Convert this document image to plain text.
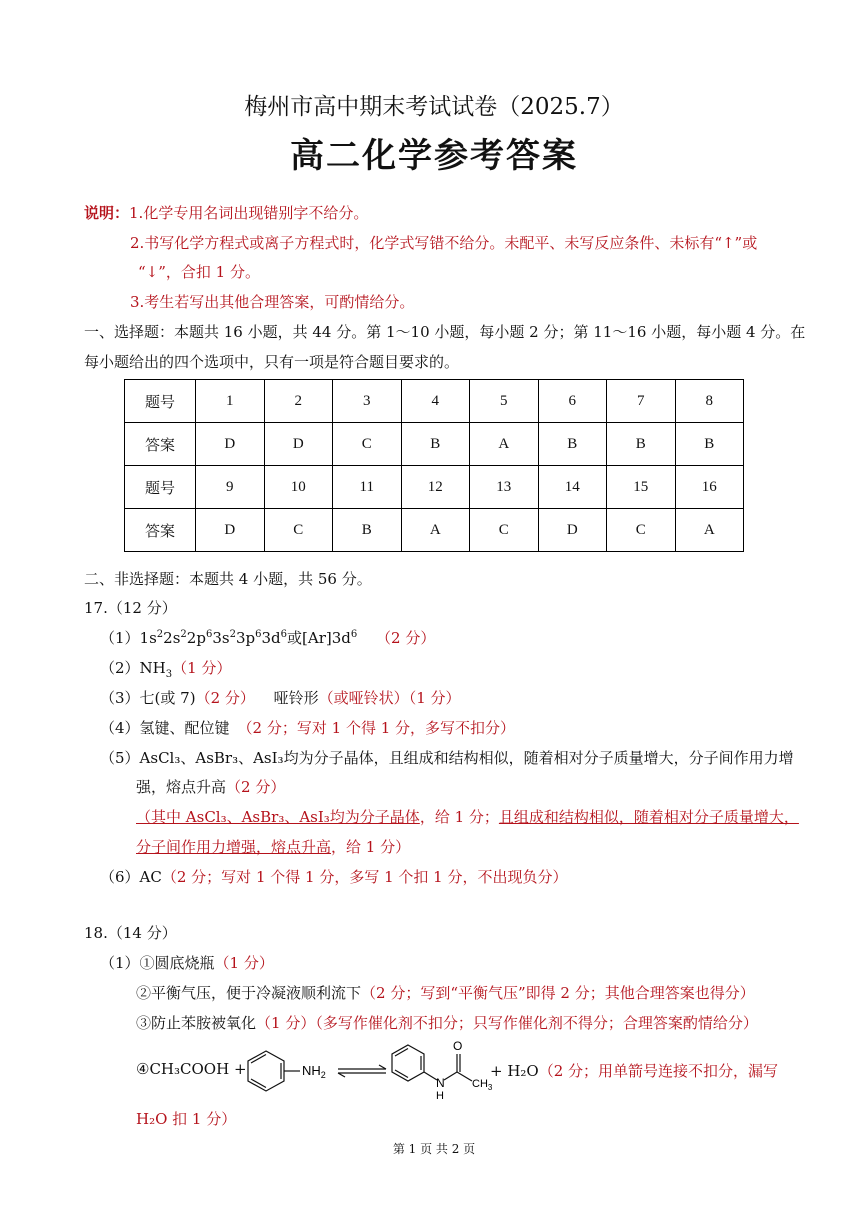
梅州市高中期末考试试卷（2025.7）
高二化学参考答案
说明：1.化学专用名词出现错别字不给分。
2.书写化学方程式或离子方程式时，化学式写错不给分。未配平、未写反应条件、未标有“↑”或
“↓”，合扣 1 分。
3.考生若写出其他合理答案，可酌情给分。
一、选择题：本题共 16 小题，共 44 分。第 1～10 小题，每小题 2 分；第 11～16 小题，每小题 4 分。在
每小题给出的四个选项中，只有一项是符合题目要求的。
题号	1	2	3	4	5	6	7	8
答案	D	D	C	B	A	B	B	B
题号	9	10	11	12	13	14	15	16
答案	D	C	B	A	C	D	C	A
二、非选择题：本题共 4 小题，共 56 分。
17.（12 分）
$(1)1s^22s^22p^63s^23p^63d^6$或$[Ar]3d^6$ （2 分）
$(2)NH_3(1$ 分）
（3）七(或 7)（2 分） 哑铃形（或哑铃状）（1 分）
（4）氢键、配位键 （2 分；写对 1 个得 1 分，多写不扣分）
（5）AsCl₃、AsBr₃、AsI₃均为分子晶体，且组成和结构相似，随着相对分子质量增大，分子间作用力增
强，熔点升高（2 分）
（其中 AsCl₃、AsBr₃、AsI₃均为分子晶体，给 1 分；且组成和结构相似，随着相对分子质量增大，
分子间作用力增强，熔点升高，给 1 分）
（6）AC（2 分；写对 1 个得 1 分，多写 1 个扣 1 分，不出现负分）
18.（14 分）
（1）①圆底烧瓶（1 分）
②平衡气压，便于冷凝液顺利流下（2 分；写到“平衡气压”即得 2 分；其他合理答案也得分）
③防止苯胺被氧化（1 分）（多写作催化剂不扣分；只写作催化剂不得分；合理答案酌情给分）
④CH₃COOH +	$NH_2$
O
N
H
$CH_3$
+ H₂O（2 分；用单箭号连接不扣分，漏写
H₂O 扣 1 分）
第 1 页 共 2 页
